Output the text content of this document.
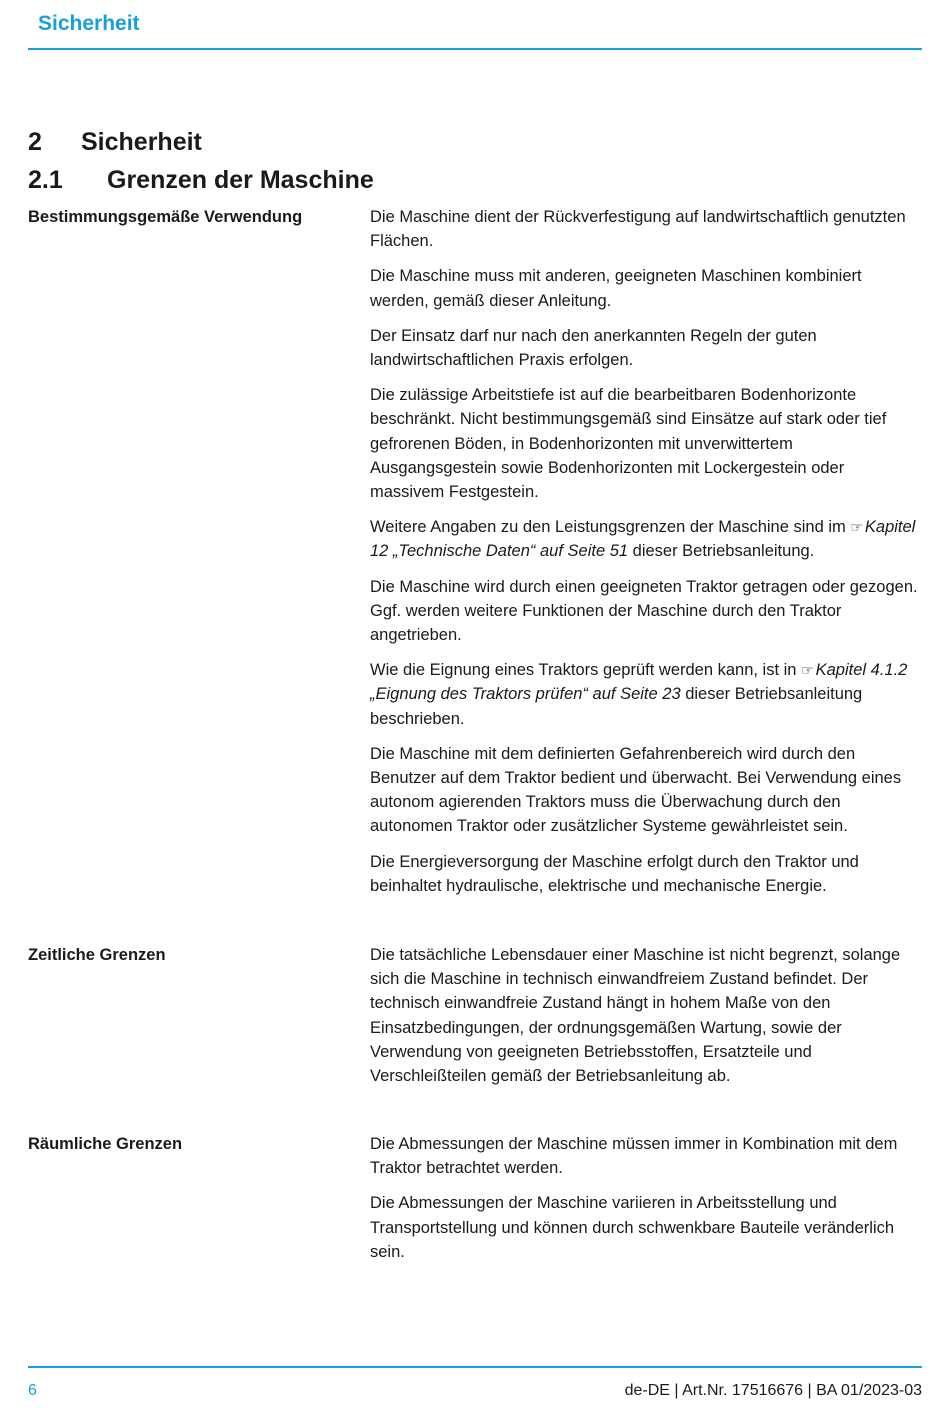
Sicherheit
2 Sicherheit
2.1 Grenzen der Maschine
Bestimmungsgemäße Verwendung	Die Maschine dient der Rückverfestigung auf landwirtschaftlich genutzten Flächen.

Die Maschine muss mit anderen, geeigneten Maschinen kombiniert werden, gemäß dieser Anleitung.

Der Einsatz darf nur nach den anerkannten Regeln der guten landwirtschaftlichen Praxis erfolgen.

Die zulässige Arbeitstiefe ist auf die bearbeitbaren Bodenhorizonte beschränkt. Nicht bestimmungsgemäß sind Einsätze auf stark oder tief gefrorenen Böden, in Bodenhorizonten mit unverwittertem Ausgangsgestein sowie Bodenhorizonten mit Lockergestein oder massivem Festgestein.

Weitere Angaben zu den Leistungsgrenzen der Maschine sind im ☞ Kapitel 12 „Technische Daten“ auf Seite 51 dieser Betriebsanleitung.

Die Maschine wird durch einen geeigneten Traktor getragen oder gezogen. Ggf. werden weitere Funktionen der Maschine durch den Traktor angetrieben.

Wie die Eignung eines Traktors geprüft werden kann, ist in ☞ Kapitel 4.1.2 „Eignung des Traktors prüfen“ auf Seite 23 dieser Betriebsanleitung beschrieben.

Die Maschine mit dem definierten Gefahrenbereich wird durch den Benutzer auf dem Traktor bedient und überwacht. Bei Verwendung eines autonom agierenden Traktors muss die Überwachung durch den autonomen Traktor oder zusätzlicher Systeme gewährleistet sein.

Die Energieversorgung der Maschine erfolgt durch den Traktor und beinhaltet hydraulische, elektrische und mechanische Energie.

Zeitliche Grenzen	Die tatsächliche Lebensdauer einer Maschine ist nicht begrenzt, solange sich die Maschine in technisch einwandfreiem Zustand befindet. Der technisch einwandfreie Zustand hängt in hohem Maße von den Einsatzbedingungen, der ordnungsgemäßen Wartung, sowie der Verwendung von geeigneten Betriebsstoffen, Ersatzteile und Verschleißteilen gemäß der Betriebsanleitung ab.

Räumliche Grenzen	Die Abmessungen der Maschine müssen immer in Kombination mit dem Traktor betrachtet werden.

Die Abmessungen der Maschine variieren in Arbeitsstellung und Transportstellung und können durch schwenkbare Bauteile veränderlich sein.

6	de-DE | Art.Nr. 17516676 | BA 01/2023-03
